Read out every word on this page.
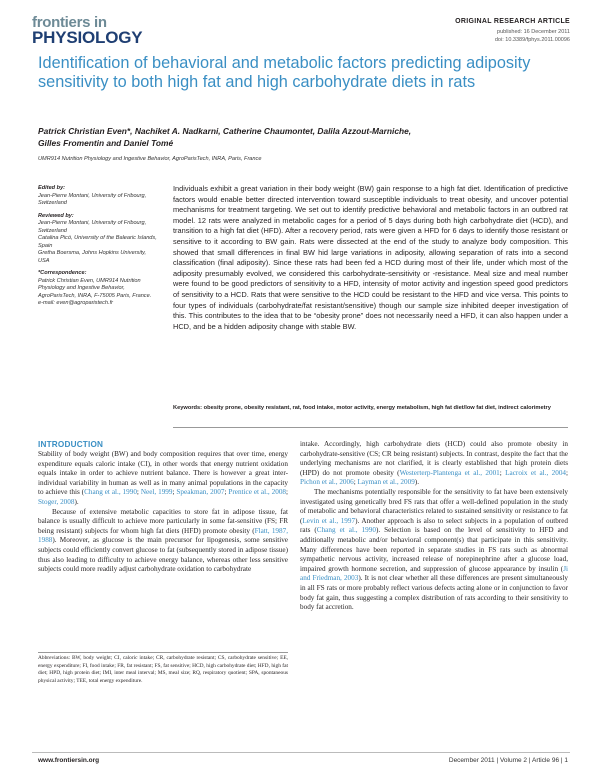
frontiers in
PHYSIOLOGY
ORIGINAL RESEARCH ARTICLE
published: 16 December 2011
doi: 10.3389/fphys.2011.00096
Identification of behavioral and metabolic factors predicting adiposity sensitivity to both high fat and high carbohydrate diets in rats
Patrick Christian Even*, Nachiket A. Nadkarni, Catherine Chaumontet, Dalila Azzout-Marniche,
Gilles Fromentin and Daniel Tomé
UMR914 Nutrition Physiology and Ingestive Behavior, AgroParisTech, INRA, Paris, France
Edited by:
Jean-Pierre Montani, University of Fribourg, Switzerland
Reviewed by:
Jean-Pierre Montani, University of Fribourg, Switzerland
Catalina Picó, University of the Balearic Islands, Spain
Gretha Boersma, Johns Hopkins University, USA
*Correspondence:
Patrick Christian Even, UMR914 Nutrition Physiology and Ingestive Behavior, AgroParisTech, INRA, F-75005 Paris, France.
e-mail: even@agroparistech.fr
Individuals exhibit a great variation in their body weight (BW) gain response to a high fat diet. Identification of predictive factors would enable better directed intervention toward susceptible individuals to treat obesity, and uncover potential mechanisms for treatment targeting. We set out to identify predictive behavioral and metabolic factors in an outbred rat model. 12 rats were analyzed in metabolic cages for a period of 5 days during both high carbohydrate diet (HCD), and transition to a high fat diet (HFD). After a recovery period, rats were given a HFD for 6 days to identify those resistant or sensitive to it according to BW gain. Rats were dissected at the end of the study to analyze body composition. This showed that small differences in final BW hid large variations in adiposity, allowing separation of rats into a second classification (final adiposity). Since these rats had been fed a HCD during most of their life, under which most of the adiposity presumably evolved, we considered this carbohydrate-sensitivity or -resistance. Meal size and meal number were found to be good predictors of sensitivity to a HFD, intensity of motor activity and ingestion speed good predictors of sensitivity to a HCD. Rats that were sensitive to the HCD could be resistant to the HFD and vice versa. This points to four types of individuals (carbohydrate/fat resistant/sensitive) though our sample size inhibited deeper investigation of this. This contributes to the idea that to be “obesity prone” does not necessarily need a HFD, it can also happen under a HCD, and be a hidden adiposity change with stable BW.
Keywords: obesity prone, obesity resistant, rat, food intake, motor activity, energy metabolism, high fat diet/low fat diet, indirect calorimetry
INTRODUCTION

Stability of body weight (BW) and body composition requires that over time, energy expenditure equals caloric intake (CI), in other words that energy nutrient oxidation equals intake in order to achieve nutrient balance. There is however a great inter-individual variability in human as well as in many animal populations in the capacity to achieve this (Chang et al., 1990; Neel, 1999; Speakman, 2007; Prentice et al., 2008; Stoger, 2008).

Because of extensive metabolic capacities to store fat in adipose tissue, fat balance is usually difficult to achieve more particularly in some fat-sensitive (FS; FR being resistant) subjects for whom high fat diets (HFD) promote obesity (Flatt, 1987, 1988). Moreover, as glucose is the main precursor for lipogenesis, some sensitive subjects could efficiently convert glucose to fat (subsequently stored in adipose tissue) thus also leading to difficulty to achieve energy balance, whereas other less sensitive subjects could more readily adjust carbohydrate oxidation to carbohydrate

Abbreviations: BW, body weight; CI, caloric intake; CR, carbohydrate resistant; CS, carbohydrate sensitive; EE, energy expenditure; FI, food intake; FR, fat resistant; FS, fat sensitive; HCD, high carbohydrate diet; HFD, high fat diet; HPD, high protein diet; IMI, inter meal interval; MS, meal size; RQ, respiratory quotient; SPA, spontaneous physical activity; TEE, total energy expenditure.

intake. Accordingly, high carbohydrate diets (HCD) could also promote obesity in carbohydrate-sensitive (CS; CR being resistant) subjects. In contrast, despite the fact that the underlying mechanisms are not clarified, it is clearly established that high protein diets (HPD) do not promote obesity (Westerterp-Plantenga et al., 2001; Lacroix et al., 2004; Pichon et al., 2006; Layman et al., 2009).

The mechanisms potentially responsible for the sensitivity to fat have been extensively investigated using genetically bred FS rats that offer a well-defined population in the study of metabolic and behavioral characteristics related to sustained sensitivity or resistance to fat (Levin et al., 1997). Another approach is also to select subjects in a population of outbred rats (Chang et al., 1990). Selection is based on the level of sensitivity to HFD and additionally metabolic and/or behavioral component(s) that participate in this sensitivity. Many differences have been reported in separate studies in FS rats such as abnormal sympathetic nervous activity, increased release of norepinephrine after a glucose load, impaired growth hormone secretion, and suppression of glucose appearance by insulin (Ji and Friedman, 2003). It is not clear whether all these differences are present simultaneously in all FS rats or more probably reflect various defects acting alone or in conjunction to favor body fat gain, thus suggesting a complex distribution of rats according to their sensitivity to body fat accretion.

www.frontiersin.org	December 2011 | Volume 2 | Article 96 | 1
